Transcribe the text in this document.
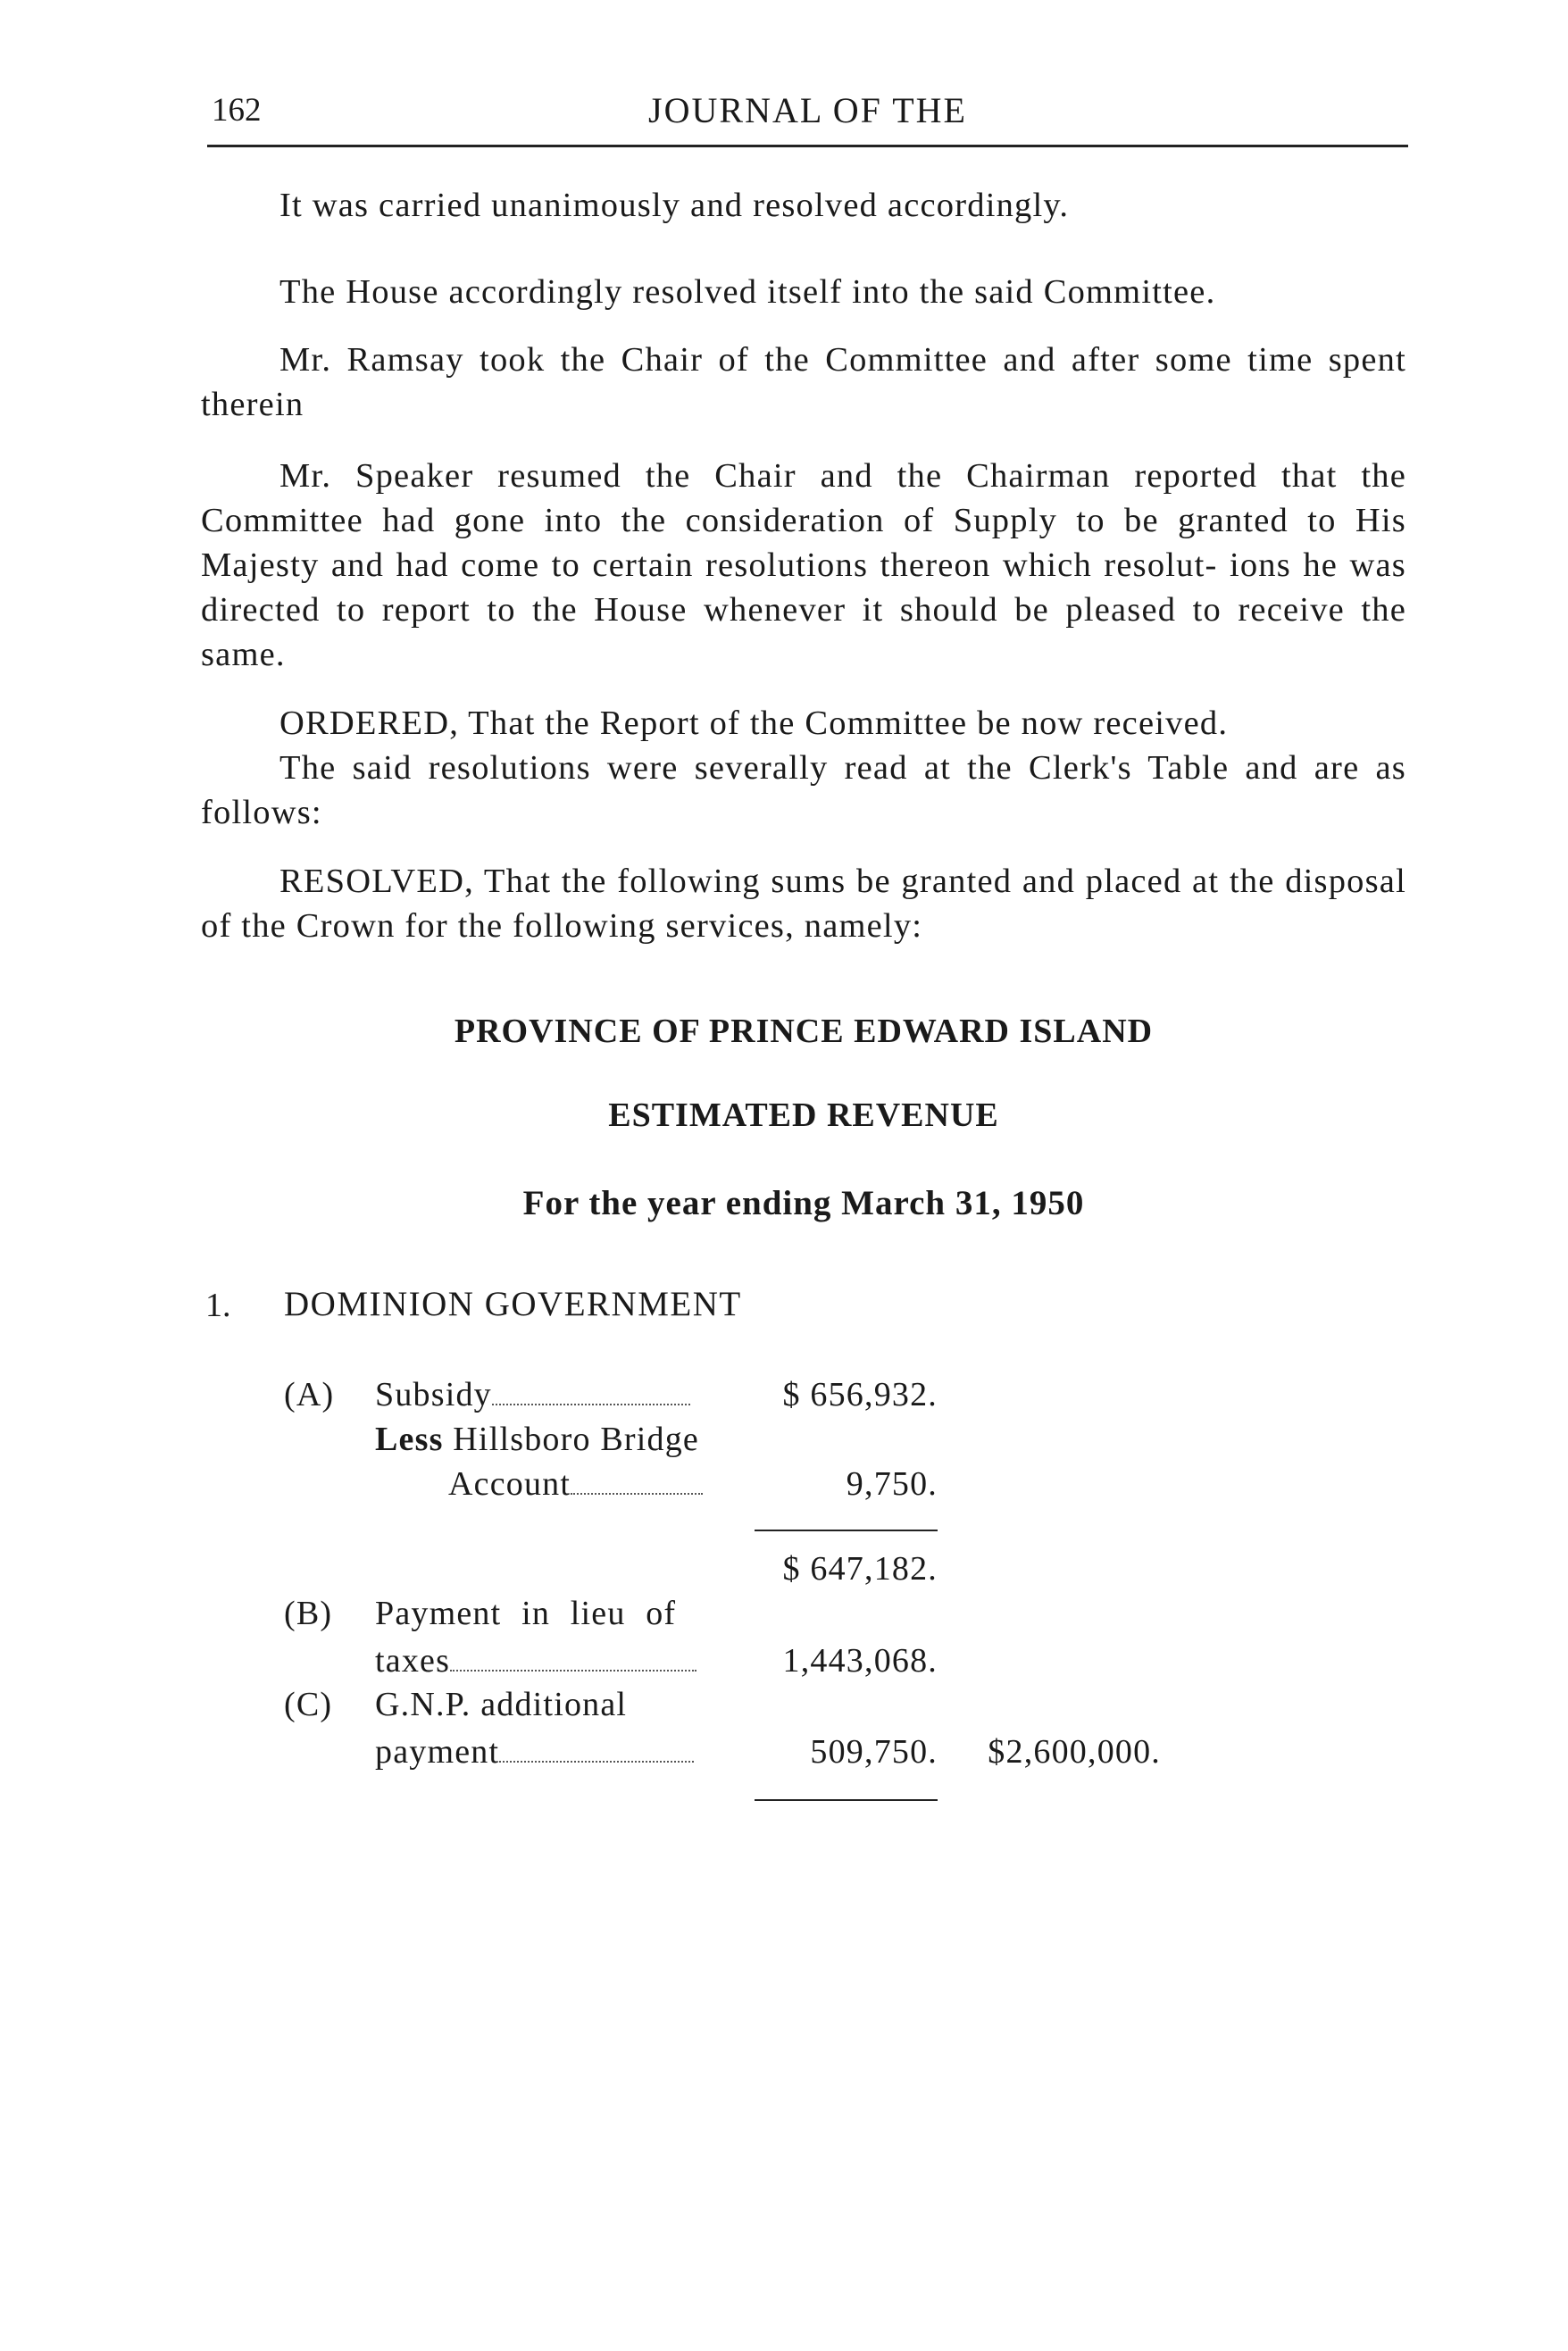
162	JOURNAL OF THE
It was carried unanimously and resolved accordingly.
The House accordingly resolved itself into the said Committee.
Mr. Ramsay took the Chair of the Committee and after some time spent therein
Mr. Speaker resumed the Chair and the Chairman reported that the Committee had gone into the consideration of Supply to be granted to His Majesty and had come to certain resolutions thereon which resolut- ions he was directed to report to the House whenever it should be pleased to receive the same.
ORDERED, That the Report of the Committee be now received.
The said resolutions were severally read at the Clerk's Table and are as follows:
RESOLVED, That the following sums be granted and placed at the disposal of the Crown for the following services, namely:
PROVINCE OF PRINCE EDWARD ISLAND
ESTIMATED REVENUE
For the year ending March 31, 1950
1. DOMINION GOVERNMENT
(A) Subsidy	$ 656,932.
Less Hillsboro Bridge
Account	9,750.
$ 647,182.
(B) Payment in lieu of
taxes	1,443,068.
(C) G.N.P. additional
payment	509,750.	$2,600,000.
